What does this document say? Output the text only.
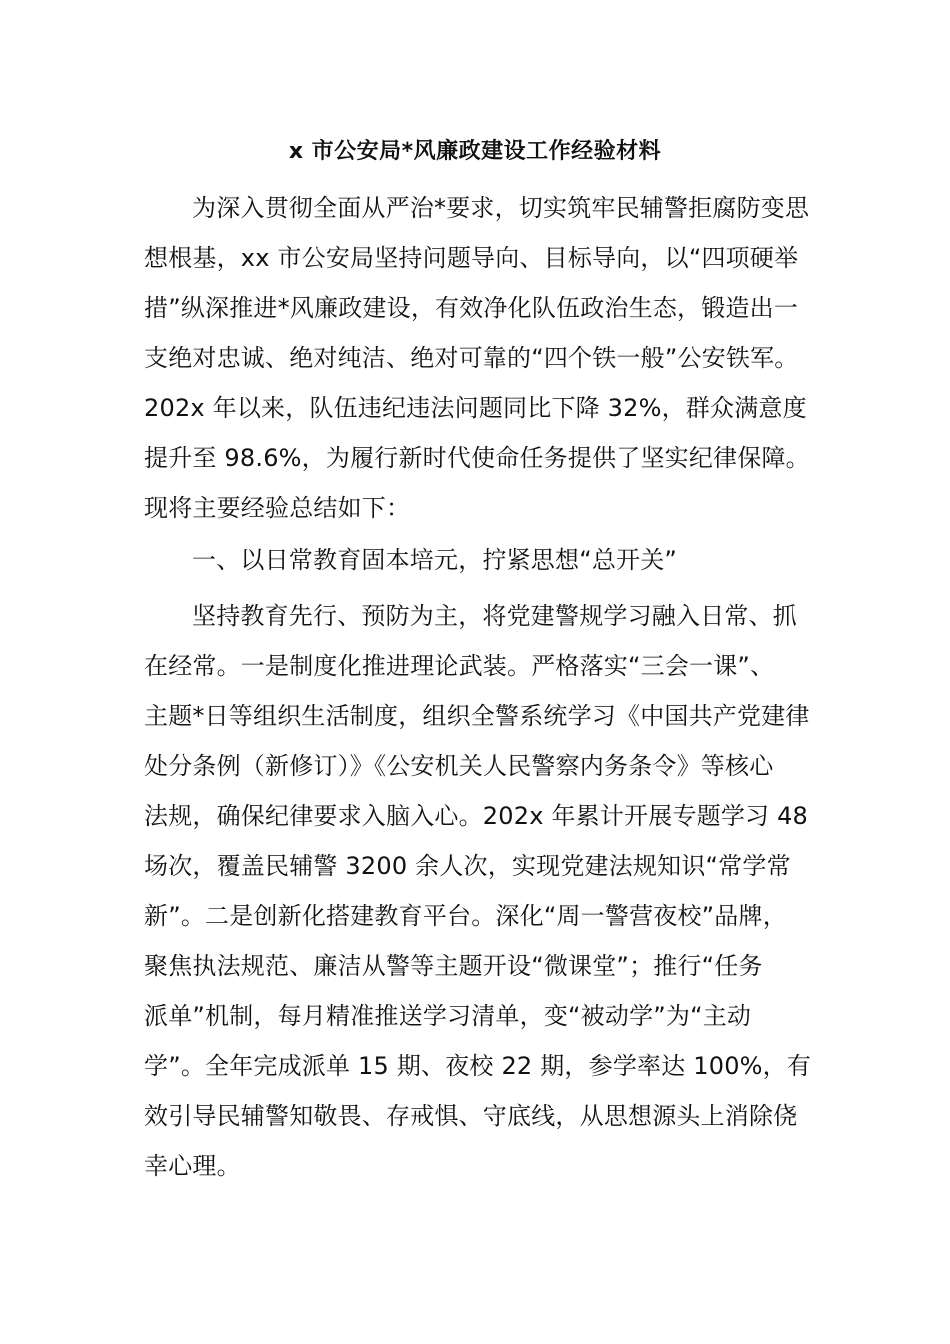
x 市公安局*风廉政建设工作经验材料
为深入贯彻全面从严治*要求，切实筑牢民辅警拒腐防变思
想根基，xx 市公安局坚持问题导向、目标导向，以“四项硬举
措”纵深推进*风廉政建设，有效净化队伍政治生态，锻造出一
支绝对忠诚、绝对纯洁、绝对可靠的“四个铁一般”公安铁军。
202x 年以来，队伍违纪违法问题同比下降 32%，群众满意度
提升至 98.6%，为履行新时代使命任务提供了坚实纪律保障。
现将主要经验总结如下：
一、以日常教育固本培元，拧紧思想“总开关”
坚持教育先行、预防为主，将党建警规学习融入日常、抓
在经常。一是制度化推进理论武装。严格落实“三会一课”、
主题*日等组织生活制度，组织全警系统学习《中国共产党建律
处分条例（新修订）》《公安机关人民警察内务条令》等核心
法规，确保纪律要求入脑入心。202x 年累计开展专题学习 48
场次，覆盖民辅警 3200 余人次，实现党建法规知识“常学常
新”。二是创新化搭建教育平台。深化“周一警营夜校”品牌，
聚焦执法规范、廉洁从警等主题开设“微课堂”；推行“任务
派单”机制，每月精准推送学习清单，变“被动学”为“主动
学”。全年完成派单 15 期、夜校 22 期，参学率达 100%，有
效引导民辅警知敬畏、存戒惧、守底线，从思想源头上消除侥
幸心理。
